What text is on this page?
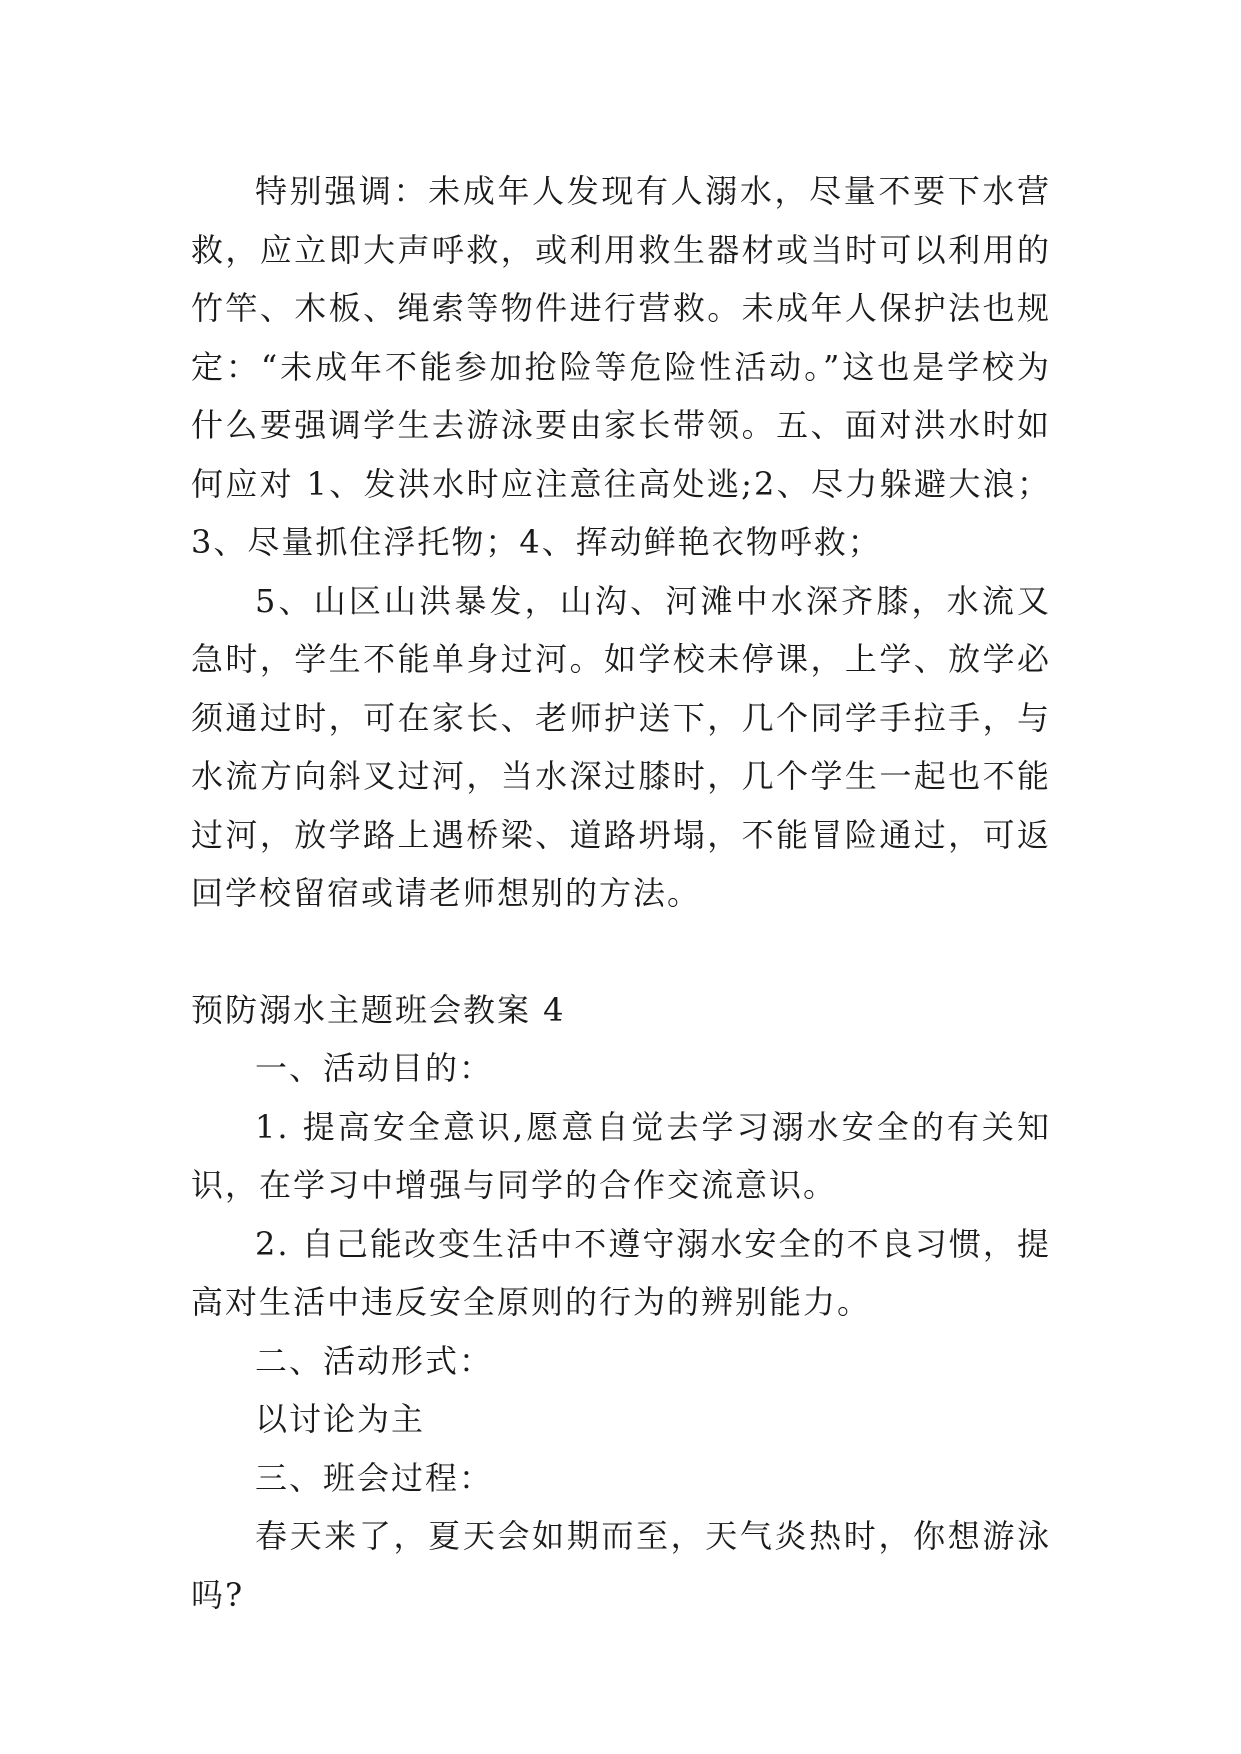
特别强调：未成年人发现有人溺水，尽量不要下水营救，应立即大声呼救，或利用救生器材或当时可以利用的竹竿、木板、绳索等物件进行营救。未成年人保护法也规定：“未成年不能参加抢险等危险性活动。”这也是学校为什么要强调学生去游泳要由家长带领。五、面对洪水时如何应对 1、发洪水时应注意往高处逃;2、尽力躲避大浪；3、尽量抓住浮托物；4、挥动鲜艳衣物呼救；

5、山区山洪暴发，山沟、河滩中水深齐膝，水流又急时，学生不能单身过河。如学校未停课，上学、放学必须通过时，可在家长、老师护送下，几个同学手拉手，与水流方向斜叉过河，当水深过膝时，几个学生一起也不能过河，放学路上遇桥梁、道路坍塌，不能冒险通过，可返回学校留宿或请老师想别的方法。

预防溺水主题班会教案 4

一、活动目的：

1. 提高安全意识,愿意自觉去学习溺水安全的有关知识，在学习中增强与同学的合作交流意识。

2. 自己能改变生活中不遵守溺水安全的不良习惯，提高对生活中违反安全原则的行为的辨别能力。

二、活动形式：

以讨论为主

三、班会过程：

春天来了，夏天会如期而至，天气炎热时，你想游泳吗?
